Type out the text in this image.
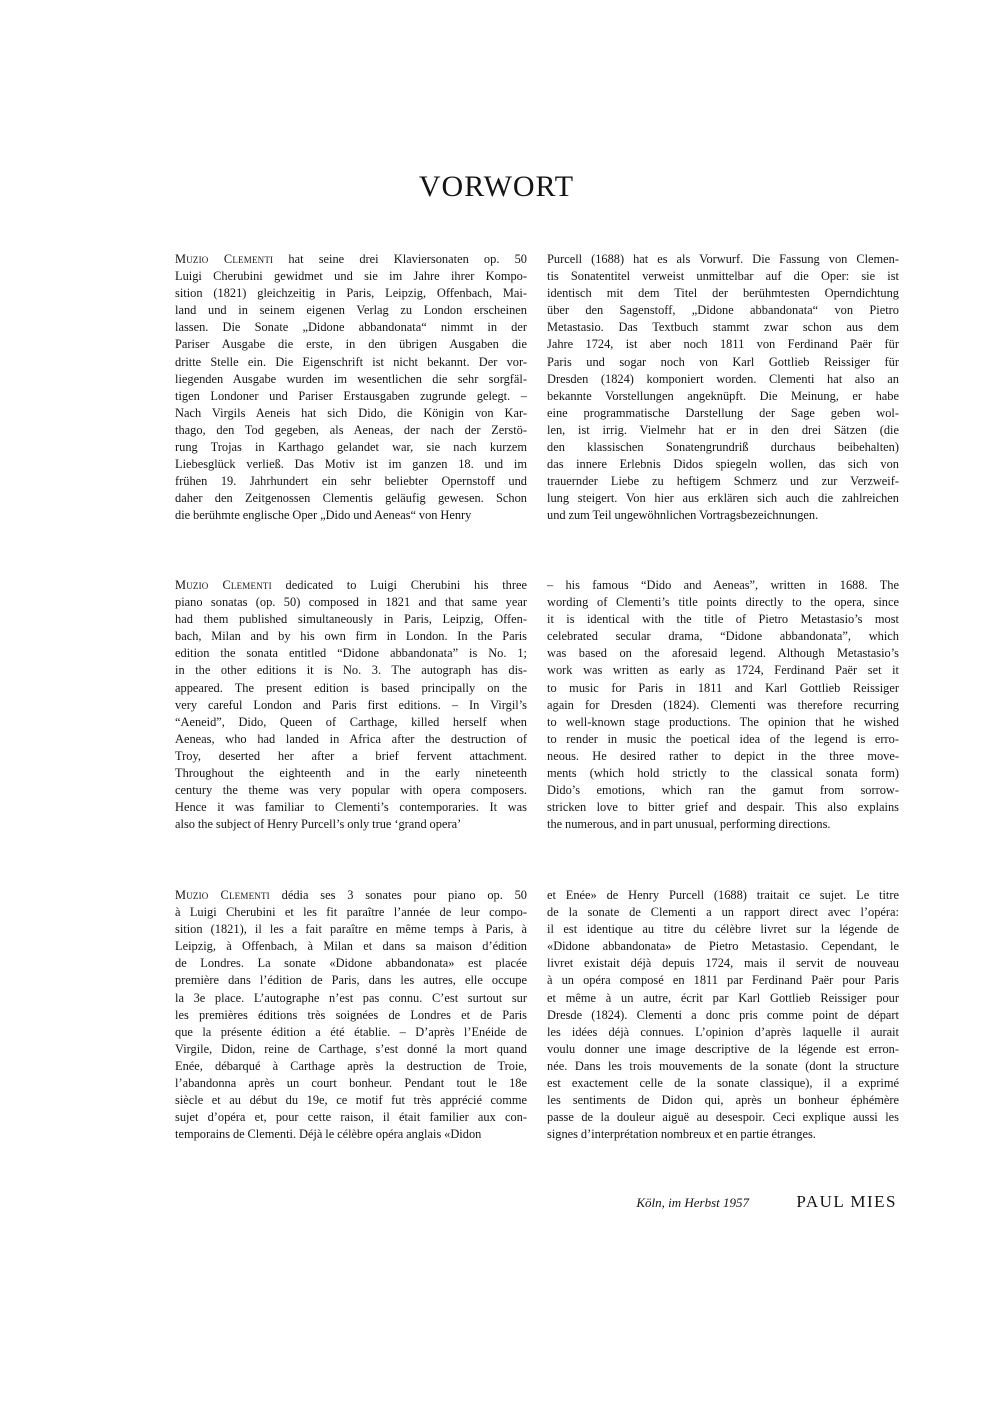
VORWORT
Muzio Clementi hat seine drei Klaviersonaten op. 50
Luigi Cherubini gewidmet und sie im Jahre ihrer Kompo-
sition (1821) gleichzeitig in Paris, Leipzig, Offenbach, Mai-
land und in seinem eigenen Verlag zu London erscheinen
lassen. Die Sonate „Didone abbandonata“ nimmt in der
Pariser Ausgabe die erste, in den übrigen Ausgaben die
dritte Stelle ein. Die Eigenschrift ist nicht bekannt. Der vor-
liegenden Ausgabe wurden im wesentlichen die sehr sorgfäl-
tigen Londoner und Pariser Erstausgaben zugrunde gelegt. –
Nach Virgils Aeneis hat sich Dido, die Königin von Kar-
thago, den Tod gegeben, als Aeneas, der nach der Zerstö-
rung Trojas in Karthago gelandet war, sie nach kurzem
Liebesglück verließ. Das Motiv ist im ganzen 18. und im
frühen 19. Jahrhundert ein sehr beliebter Opernstoff und
daher den Zeitgenossen Clementis geläufig gewesen. Schon
die berühmte englische Oper „Dido und Aeneas“ von Henry
Purcell (1688) hat es als Vorwurf. Die Fassung von Clemen-
tis Sonatentitel verweist unmittelbar auf die Oper: sie ist
identisch mit dem Titel der berühmtesten Operndichtung
über den Sagenstoff, „Didone abbandonata“ von Pietro
Metastasio. Das Textbuch stammt zwar schon aus dem
Jahre 1724, ist aber noch 1811 von Ferdinand Paër für
Paris und sogar noch von Karl Gottlieb Reissiger für
Dresden (1824) komponiert worden. Clementi hat also an
bekannte Vorstellungen angeknüpft. Die Meinung, er habe
eine programmatische Darstellung der Sage geben wol-
len, ist irrig. Vielmehr hat er in den drei Sätzen (die
den klassischen Sonatengrundriß durchaus beibehalten)
das innere Erlebnis Didos spiegeln wollen, das sich von
trauernder Liebe zu heftigem Schmerz und zur Verzweif-
lung steigert. Von hier aus erklären sich auch die zahlreichen
und zum Teil ungewöhnlichen Vortragsbezeichnungen.
Muzio Clementi dedicated to Luigi Cherubini his three
piano sonatas (op. 50) composed in 1821 and that same year
had them published simultaneously in Paris, Leipzig, Offen-
bach, Milan and by his own firm in London. In the Paris
edition the sonata entitled “Didone abbandonata” is No. 1;
in the other editions it is No. 3. The autograph has dis-
appeared. The present edition is based principally on the
very careful London and Paris first editions. – In Virgil’s
“Aeneid”, Dido, Queen of Carthage, killed herself when
Aeneas, who had landed in Africa after the destruction of
Troy, deserted her after a brief fervent attachment.
Throughout the eighteenth and in the early nineteenth
century the theme was very popular with opera composers.
Hence it was familiar to Clementi’s contemporaries. It was
also the subject of Henry Purcell’s only true ‘grand opera’
– his famous “Dido and Aeneas”, written in 1688. The
wording of Clementi’s title points directly to the opera, since
it is identical with the title of Pietro Metastasio’s most
celebrated secular drama, “Didone abbandonata”, which
was based on the aforesaid legend. Although Metastasio’s
work was written as early as 1724, Ferdinand Paër set it
to music for Paris in 1811 and Karl Gottlieb Reissiger
again for Dresden (1824). Clementi was therefore recurring
to well-known stage productions. The opinion that he wished
to render in music the poetical idea of the legend is erro-
neous. He desired rather to depict in the three move-
ments (which hold strictly to the classical sonata form)
Dido’s emotions, which ran the gamut from sorrow-
stricken love to bitter grief and despair. This also explains
the numerous, and in part unusual, performing directions.
Muzio Clementi dédia ses 3 sonates pour piano op. 50
à Luigi Cherubini et les fit paraître l’année de leur compo-
sition (1821), il les a fait paraître en même temps à Paris, à
Leipzig, à Offenbach, à Milan et dans sa maison d’édition
de Londres. La sonate «Didone abbandonata» est placée
première dans l’édition de Paris, dans les autres, elle occupe
la 3e place. L’autographe n’est pas connu. C’est surtout sur
les premières éditions très soignées de Londres et de Paris
que la présente édition a été établie. – D’après l’Enéide de
Virgile, Didon, reine de Carthage, s’est donné la mort quand
Enée, débarqué à Carthage après la destruction de Troie,
l’abandonna après un court bonheur. Pendant tout le 18e
siècle et au début du 19e, ce motif fut très apprécié comme
sujet d’opéra et, pour cette raison, il était familier aux con-
temporains de Clementi. Déjà le célèbre opéra anglais «Didon
et Enée» de Henry Purcell (1688) traitait ce sujet. Le titre
de la sonate de Clementi a un rapport direct avec l’opéra:
il est identique au titre du célèbre livret sur la légende de
«Didone abbandonata» de Pietro Metastasio. Cependant, le
livret existait déjà depuis 1724, mais il servit de nouveau
à un opéra composé en 1811 par Ferdinand Paër pour Paris
et même à un autre, écrit par Karl Gottlieb Reissiger pour
Dresde (1824). Clementi a donc pris comme point de départ
les idées déjà connues. L’opinion d’après laquelle il aurait
voulu donner une image descriptive de la légende est erron-
née. Dans les trois mouvements de la sonate (dont la structure
est exactement celle de la sonate classique), il a exprimé
les sentiments de Didon qui, après un bonheur éphémère
passe de la douleur aiguë au desespoir. Ceci explique aussi les
signes d’interprétation nombreux et en partie étranges.
Köln, im Herbst 1957	PAUL MIES
